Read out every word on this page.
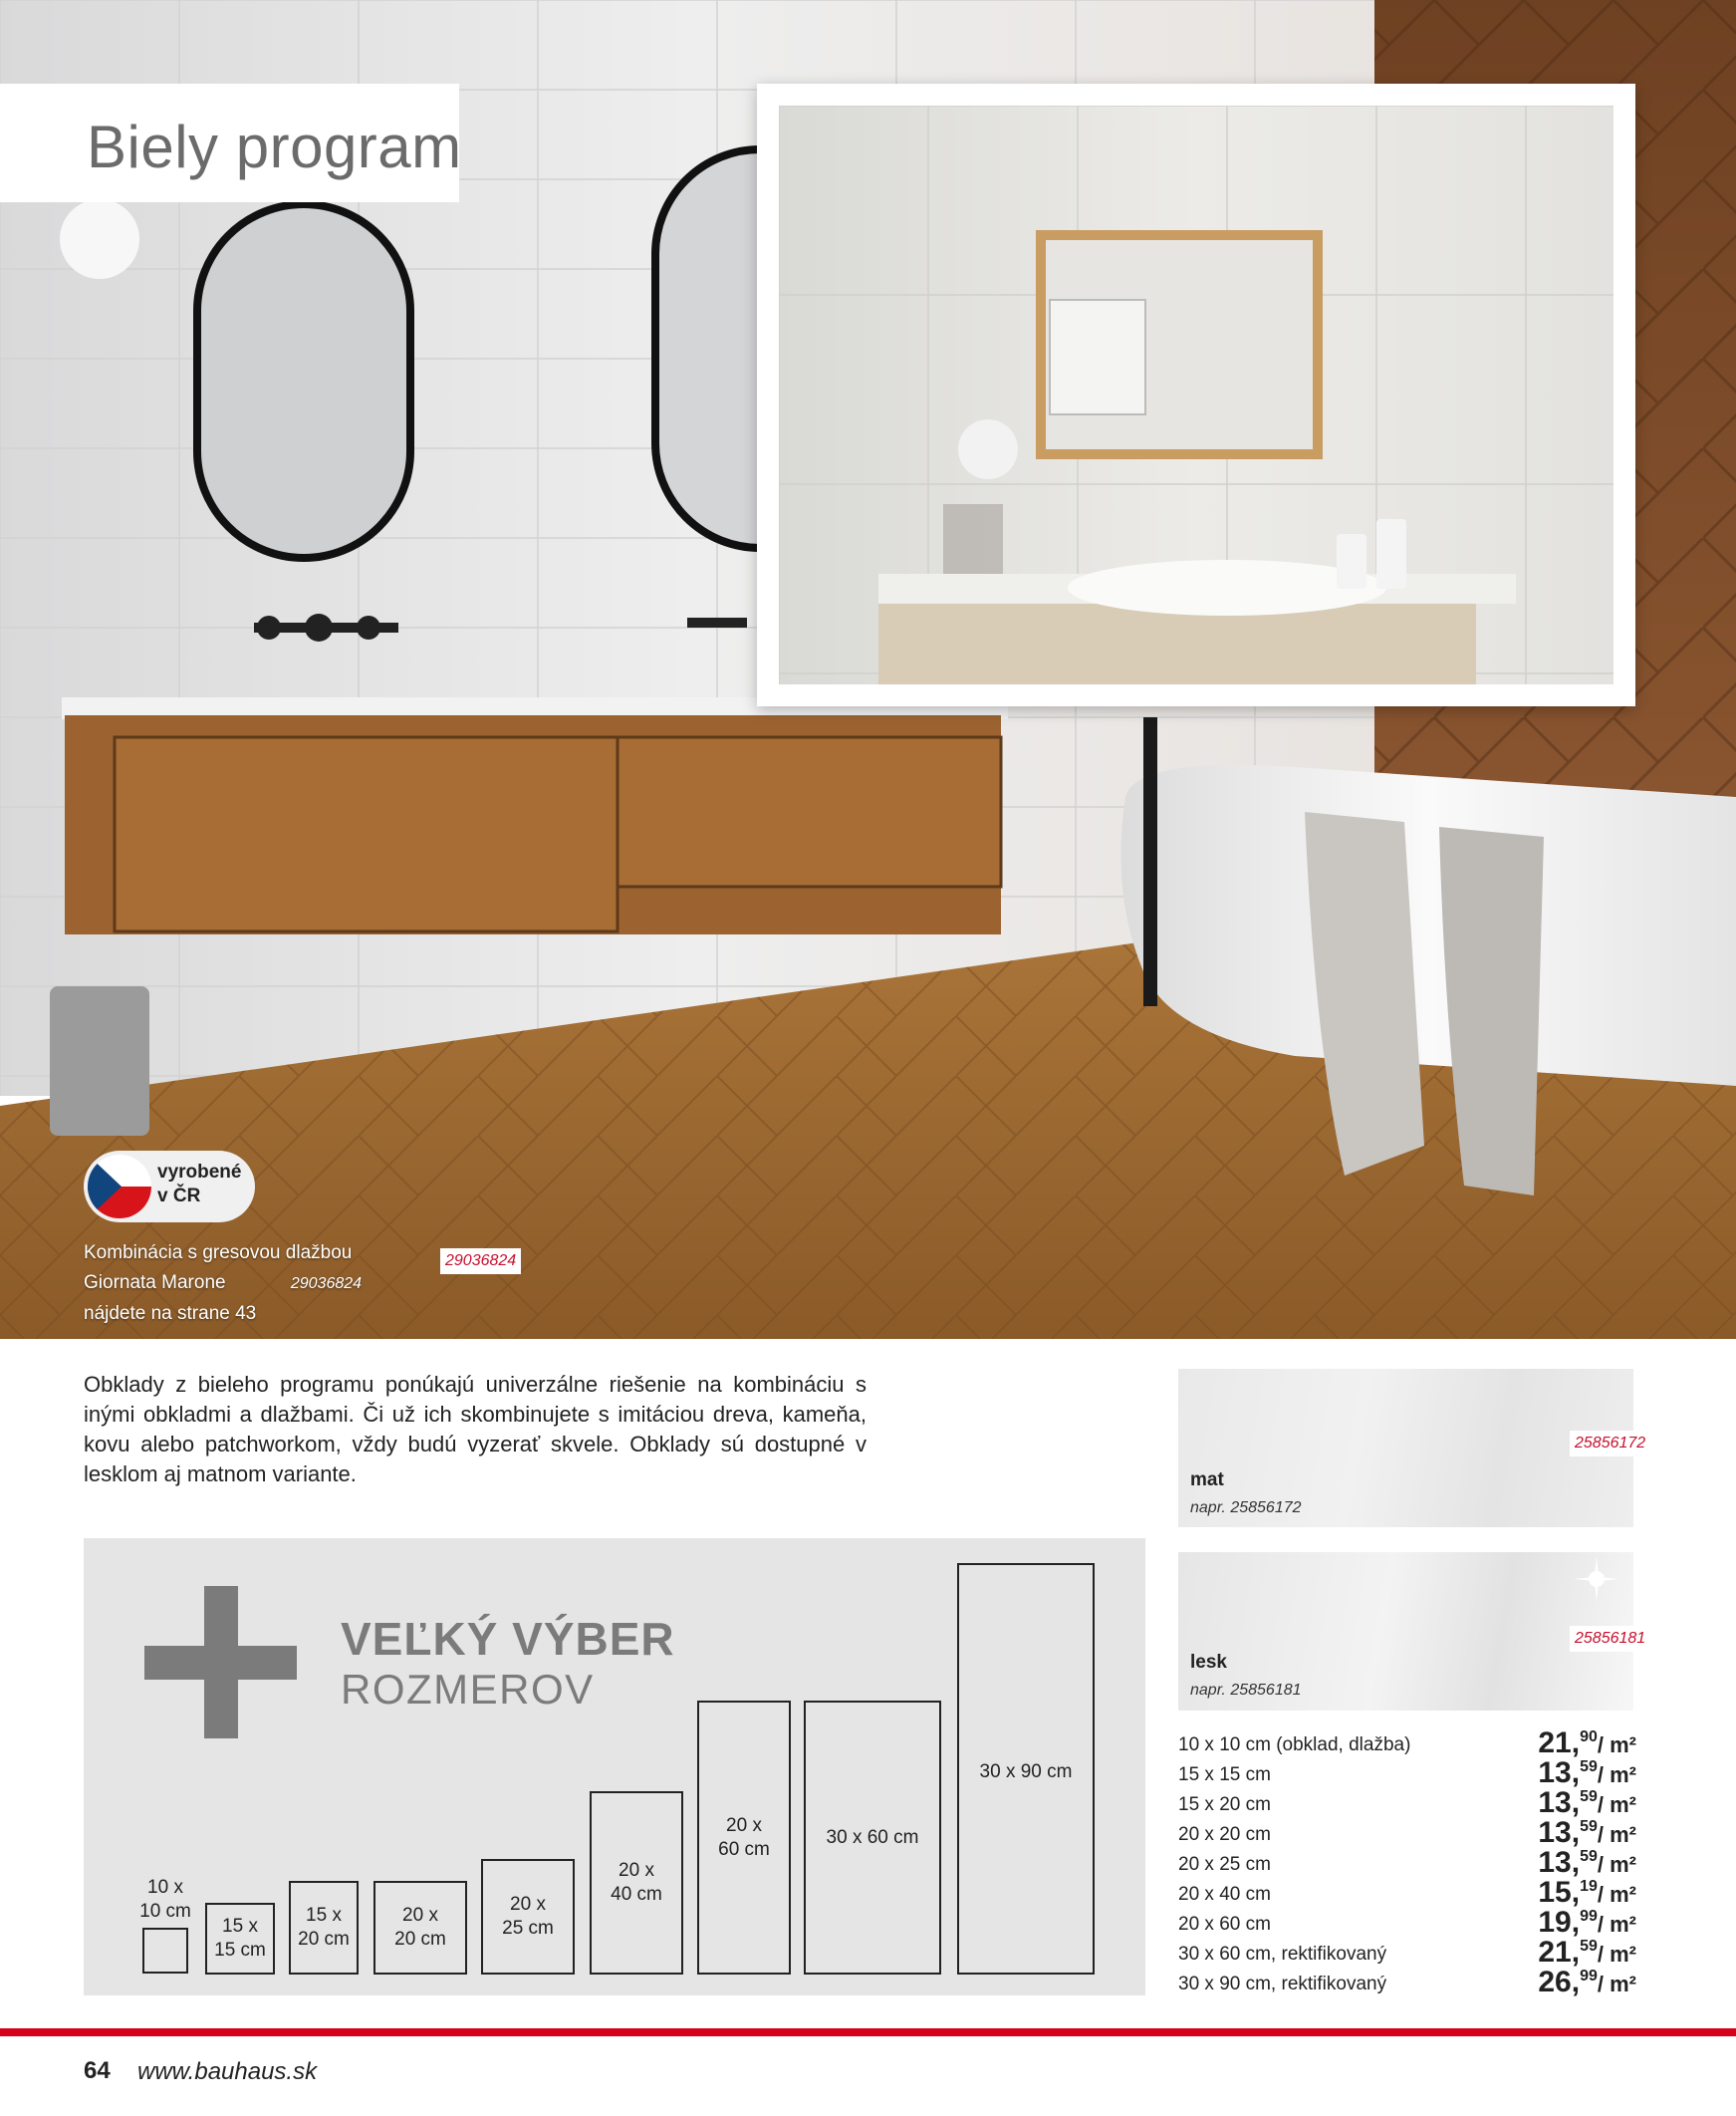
Biely program
vyrobené
v ČR
Kombinácia s gresovou dlažbou
Giornata Marone	29036824
nájdete na strane 43
29036824
Obklady z bieleho programu ponúkajú univerzálne riešenie na kombináciu s inými obkladmi a dlažbami. Či už ich skombinujete s imitáciou dreva, kameňa, kovu alebo patchworkom, vždy budú vyzerať skvele. Obklady sú dostupné v lesklom aj matnom variante.	mat
napr. 25856172
25856172
lesk
napr. 25856181
25856181
VEĽKÝ VÝBER
ROZMEROV
10 x
10 cm
15 x
15 cm
15 x
20 cm
20 x
20 cm
20 x
25 cm
20 x
40 cm
20 x
60 cm
30 x 60 cm
30 x 90 cm
10 x 10 cm (obklad, dlažba)	21,90/ m²
15 x 15 cm	13,59/ m²
15 x 20 cm	13,59/ m²
20 x 20 cm	13,59/ m²
20 x 25 cm	13,59/ m²
20 x 40 cm	15,19/ m²
20 x 60 cm	19,99/ m²
30 x 60 cm, rektifikovaný	21,59/ m²
30 x 90 cm, rektifikovaný	26,99/ m²
64 www.bauhaus.sk
